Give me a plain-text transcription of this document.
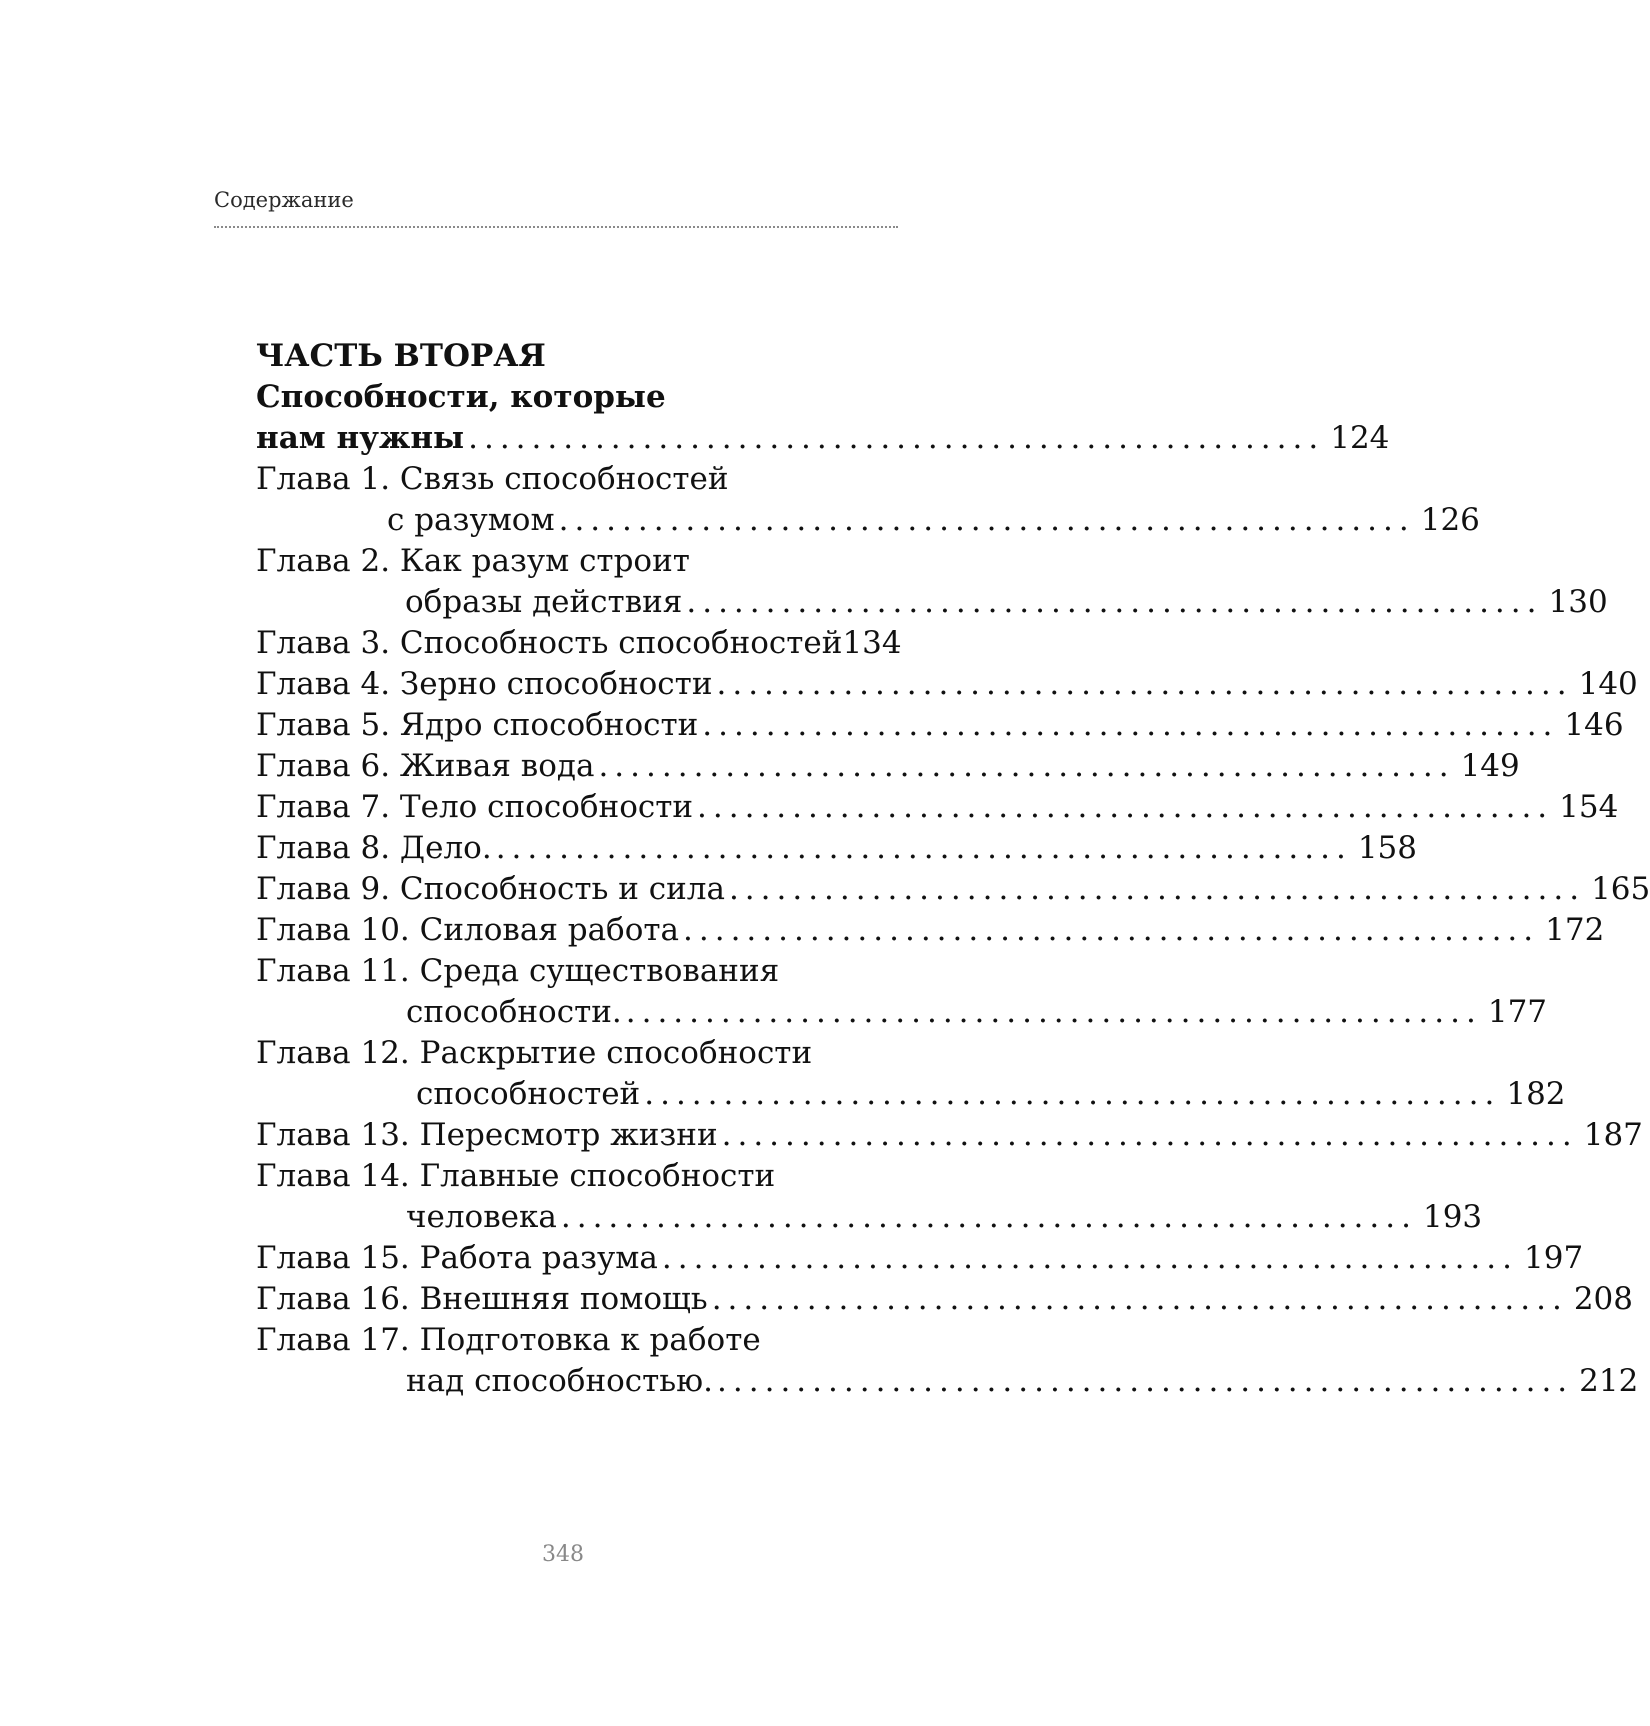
Содержание
ЧАСТЬ ВТОРАЯ
Способности, которые
нам нужны ...................................................... 124
Глава 1. Связь способностей
с разумом ...................................................... 126
Глава 2. Как разум строит
образы действия ...................................................... 130
Глава 3. Способность способностей 134
Глава 4. Зерно способности ...................................................... 140
Глава 5. Ядро способности ...................................................... 146
Глава 6. Живая вода ...................................................... 149
Глава 7. Тело способности ...................................................... 154
Глава 8. Дело. ...................................................... 158
Глава 9. Способность и сила ...................................................... 165
Глава 10. Силовая работа ...................................................... 172
Глава 11. Среда существования
способности. ...................................................... 177
Глава 12. Раскрытие способности
способностей ...................................................... 182
Глава 13. Пересмотр жизни ...................................................... 187
Глава 14. Главные способности
человека ...................................................... 193
Глава 15. Работа разума ...................................................... 197
Глава 16. Внешняя помощь ...................................................... 208
Глава 17. Подготовка к работе
над способностью. ...................................................... 212
348
